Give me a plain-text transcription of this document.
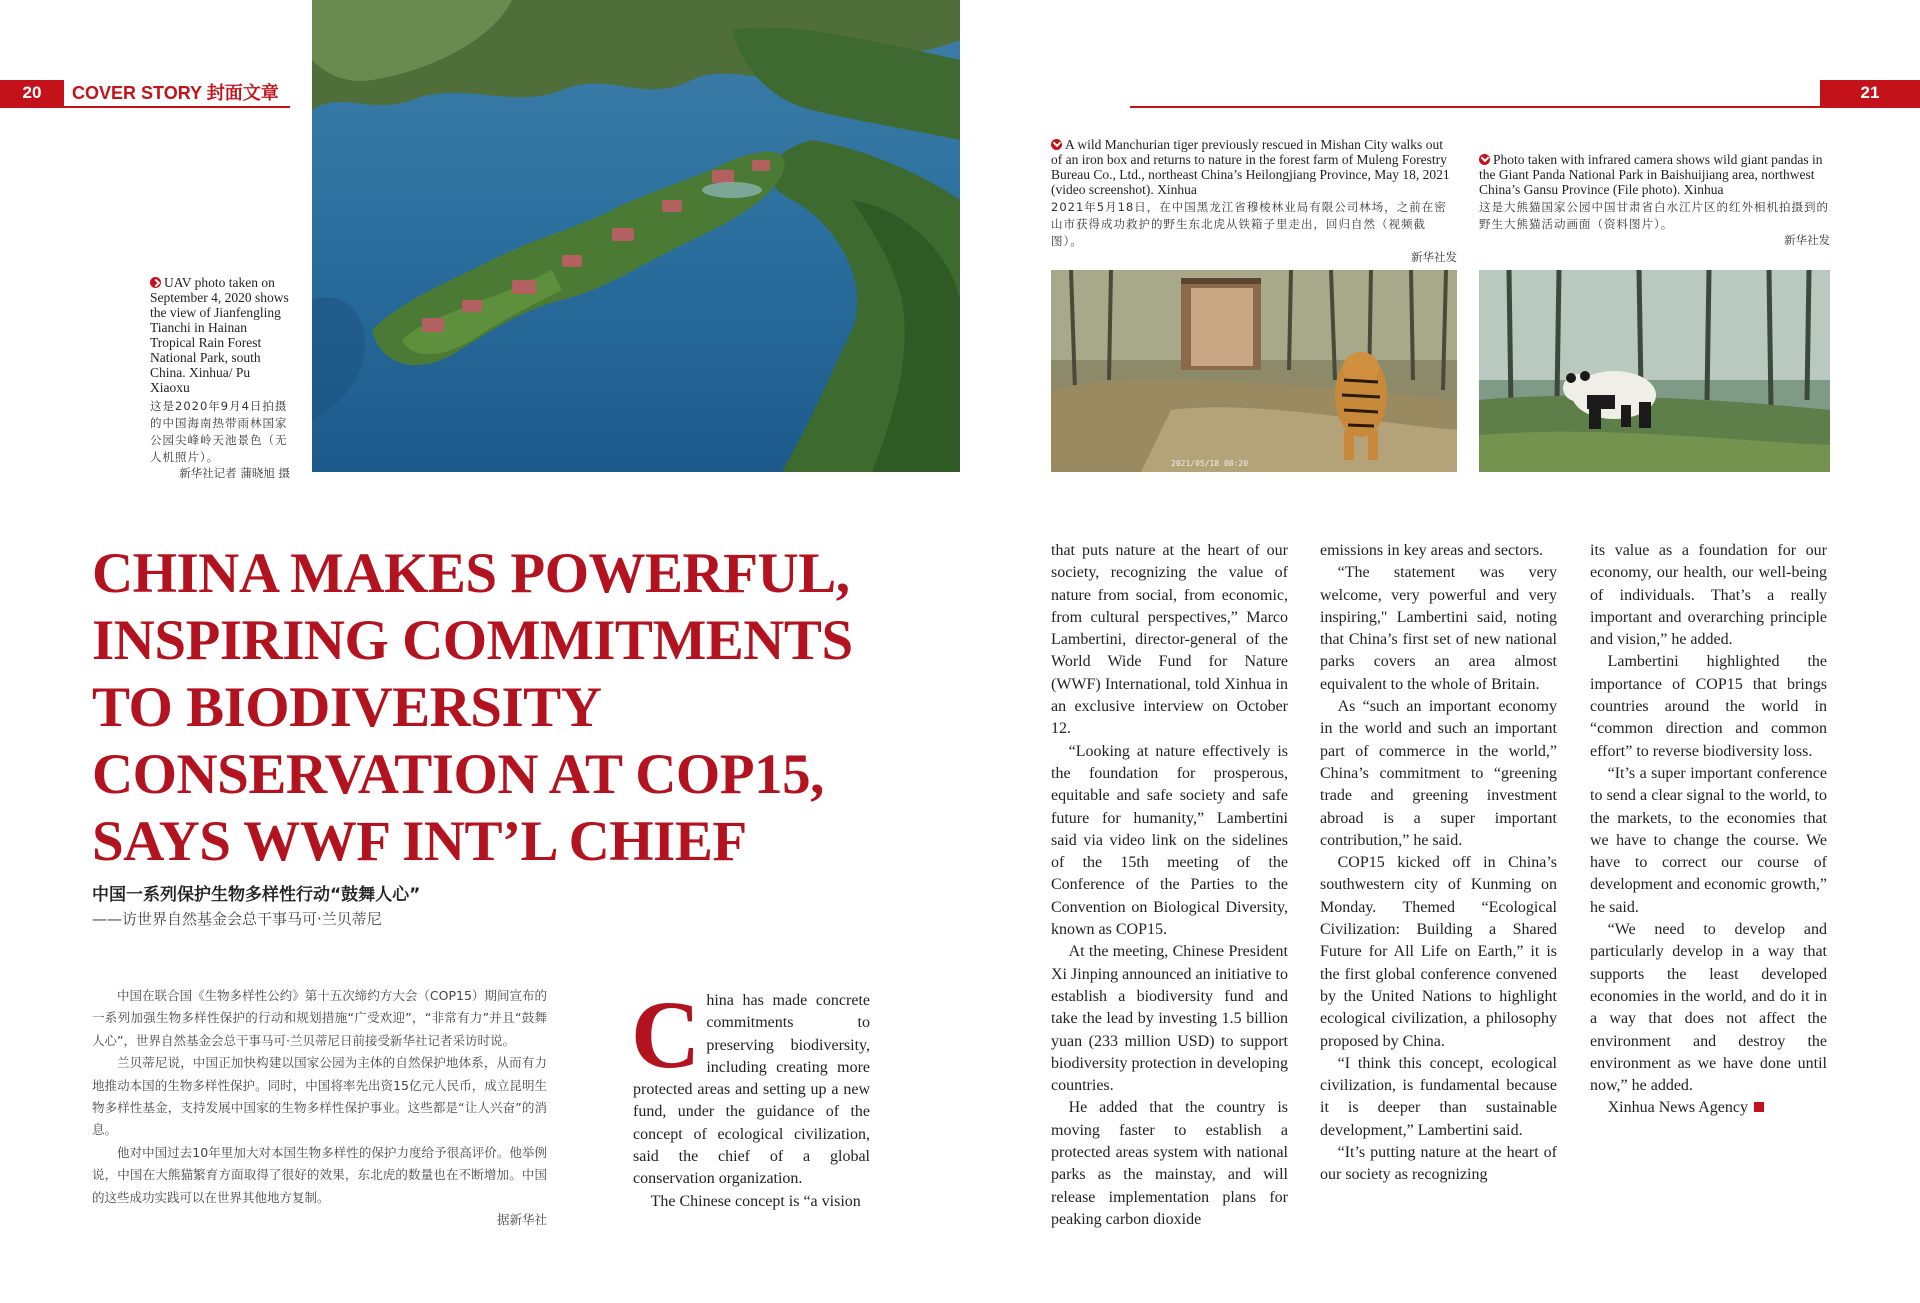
20	COVER STORY 封面文章	21
2021/05/18 08:20
UAV photo taken on September 4, 2020 shows the view of Jianfengling Tianchi in Hainan Tropical Rain Forest National Park, south China. Xinhua/ Pu Xiaoxu
这是2020年9月4日拍摄的中国海南热带雨林国家公园尖峰岭天池景色（无人机照片）。
新华社记者 蒲晓旭 摄
A wild Manchurian tiger previously rescued in Mishan City walks out of an iron box and returns to nature in the forest farm of Muleng Forestry Bureau Co., Ltd., northeast China’s Heilongjiang Province, May 18, 2021 (video screenshot). Xinhua
2021年5月18日，在中国黑龙江省穆棱林业局有限公司林场，之前在密山市获得成功救护的野生东北虎从铁箱子里走出，回归自然（视频截图）。
新华社发
Photo taken with infrared camera shows wild giant pandas in the Giant Panda National Park in Baishuijiang area, northwest China’s Gansu Province (File photo). Xinhua
这是大熊猫国家公园中国甘肃省白水江片区的红外相机拍摄到的野生大熊猫活动画面（资料图片）。
新华社发
CHINA MAKES POWERFUL,
INSPIRING COMMITMENTS
TO BIODIVERSITY
CONSERVATION AT COP15,
SAYS WWF INT’L CHIEF
中国一系列保护生物多样性行动“鼓舞人心”
——访世界自然基金会总干事马可·兰贝蒂尼

中国在联合国《生物多样性公约》第十五次缔约方大会（COP15）期间宣布的一系列加强生物多样性保护的行动和规划措施“广受欢迎”，“非常有力”并且“鼓舞人心”，世界自然基金会总干事马可·兰贝蒂尼日前接受新华社记者采访时说。

兰贝蒂尼说，中国正加快构建以国家公园为主体的自然保护地体系，从而有力地推动本国的生物多样性保护。同时，中国将率先出资15亿元人民币，成立昆明生物多样性基金，支持发展中国家的生物多样性保护事业。这些都是“让人兴奋”的消息。

他对中国过去10年里加大对本国生物多样性的保护力度给予很高评价。他举例说，中国在大熊猫繁育方面取得了很好的效果，东北虎的数量也在不断增加。中国的这些成功实践可以在世界其他地方复制。

据新华社

China has made concrete commitments to preserving biodiversity, including creating more protected areas and setting up a new fund, under the guidance of the concept of ecological civilization, said the chief of a global conservation organization.

The Chinese concept is “a vision

that puts nature at the heart of our society, recognizing the value of nature from social, from economic, from cultural perspectives,” Marco Lambertini, director-general of the World Wide Fund for Nature (WWF) International, told Xinhua in an exclusive interview on October 12.

“Looking at nature effectively is the foundation for prosperous, equitable and safe society and safe future for humanity,” Lambertini said via video link on the sidelines of the 15th meeting of the Conference of the Parties to the Convention on Biological Diversity, known as COP15.

At the meeting, Chinese President Xi Jinping announced an initiative to establish a biodiversity fund and take the lead by investing 1.5 billion yuan (233 million USD) to support biodiversity protection in developing countries.

He added that the country is moving faster to establish a protected areas system with national parks as the mainstay, and will release implementation plans for peaking carbon dioxide

emissions in key areas and sectors.

“The statement was very welcome, very powerful and very inspiring," Lambertini said, noting that China’s first set of new national parks covers an area almost equivalent to the whole of Britain.

As “such an important economy in the world and such an important part of commerce in the world,” China’s commitment to “greening trade and greening investment abroad is a super important contribution,” he said.

COP15 kicked off in China’s southwestern city of Kunming on Monday. Themed “Ecological Civilization: Building a Shared Future for All Life on Earth,” it is the first global conference convened by the United Nations to highlight ecological civilization, a philosophy proposed by China.

“I think this concept, ecological civilization, is fundamental because it is deeper than sustainable development,” Lambertini said.

“It’s putting nature at the heart of our society as recognizing

its value as a foundation for our economy, our health, our well-being of individuals. That’s a really important and overarching principle and vision,” he added.

Lambertini highlighted the importance of COP15 that brings countries around the world in “common direction and common effort” to reverse biodiversity loss.

“It’s a super important conference to send a clear signal to the world, to the markets, to the economies that we have to change the course. We have to correct our course of development and economic growth,” he said.

“We need to develop and particularly develop in a way that supports the least developed economies in the world, and do it in a way that does not affect the environment and destroy the environment as we have done until now,” he added.

Xinhua News Agency
